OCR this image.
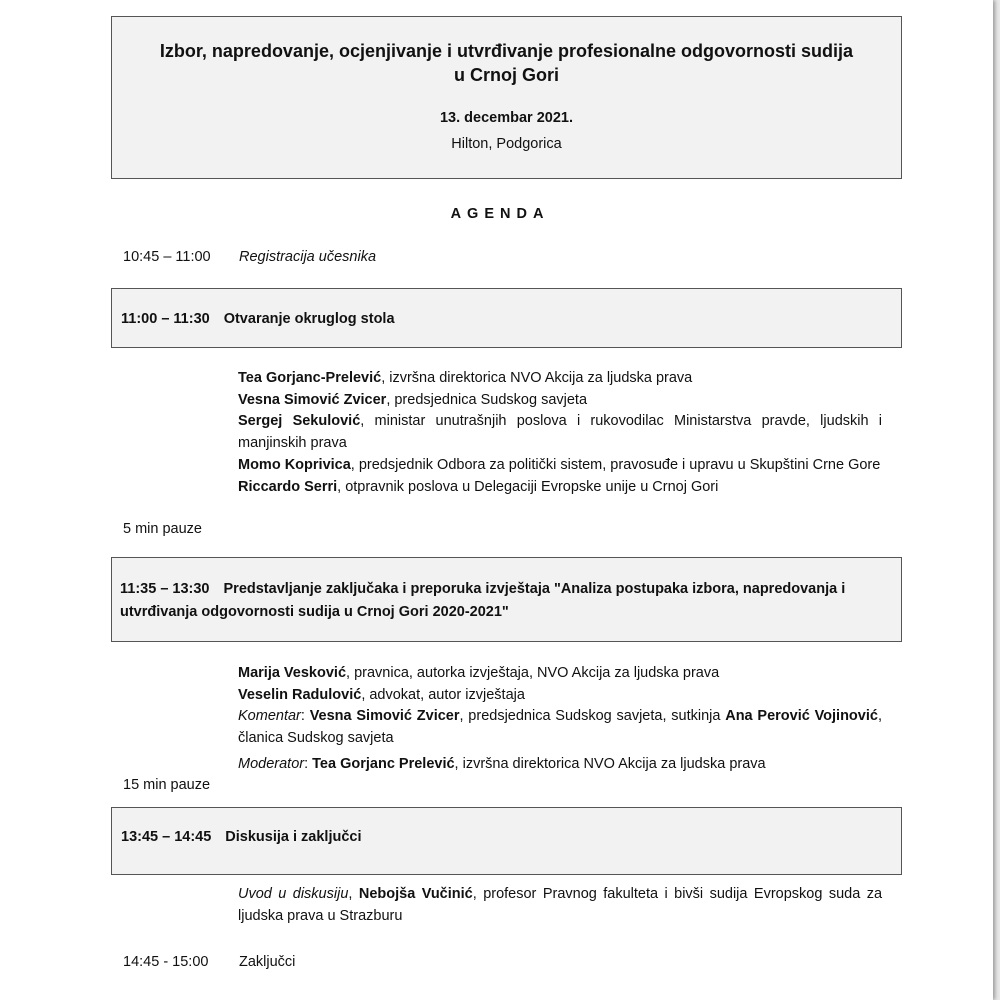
Izbor, napredovanje, ocjenjivanje i utvrđivanje profesionalne odgovornosti sudija u Crnoj Gori
13. decembar 2021.
Hilton, Podgorica
AGENDA
10:45 – 11:00 Registracija učesnika
11:00 – 11:30 Otvaranje okruglog stola

Tea Gorjanc-Prelević, izvršna direktorica NVO Akcija za ljudska prava

Vesna Simović Zvicer, predsjednica Sudskog savjeta

Sergej Sekulović, ministar unutrašnjih poslova i rukovodilac Ministarstva pravde, ljudskih i manjinskih prava

Momo Koprivica, predsjednik Odbora za politički sistem, pravosuđe i upravu u Skupštini Crne Gore

Riccardo Serri, otpravnik poslova u Delegaciji Evropske unije u Crnoj Gori

5 min pauze
11:35 – 13:30 Predstavljanje zaključaka i preporuka izvještaja "Analiza postupaka izbora, napredovanja i utvrđivanja odgovornosti sudija u Crnoj Gori 2020-2021"

Marija Vesković, pravnica, autorka izvještaja, NVO Akcija za ljudska prava

Veselin Radulović, advokat, autor izvještaja

Komentar: Vesna Simović Zvicer, predsjednica Sudskog savjeta, sutkinja Ana Perović Vojinović, članica Sudskog savjeta

Moderator: Tea Gorjanc Prelević, izvršna direktorica NVO Akcija za ljudska prava

15 min pauze
13:45 – 14:45 Diskusija i zaključci

Uvod u diskusiju, Nebojša Vučinić, profesor Pravnog fakulteta i bivši sudija Evropskog suda za ljudska prava u Strazburu

14:45 - 15:00 Zaključci
